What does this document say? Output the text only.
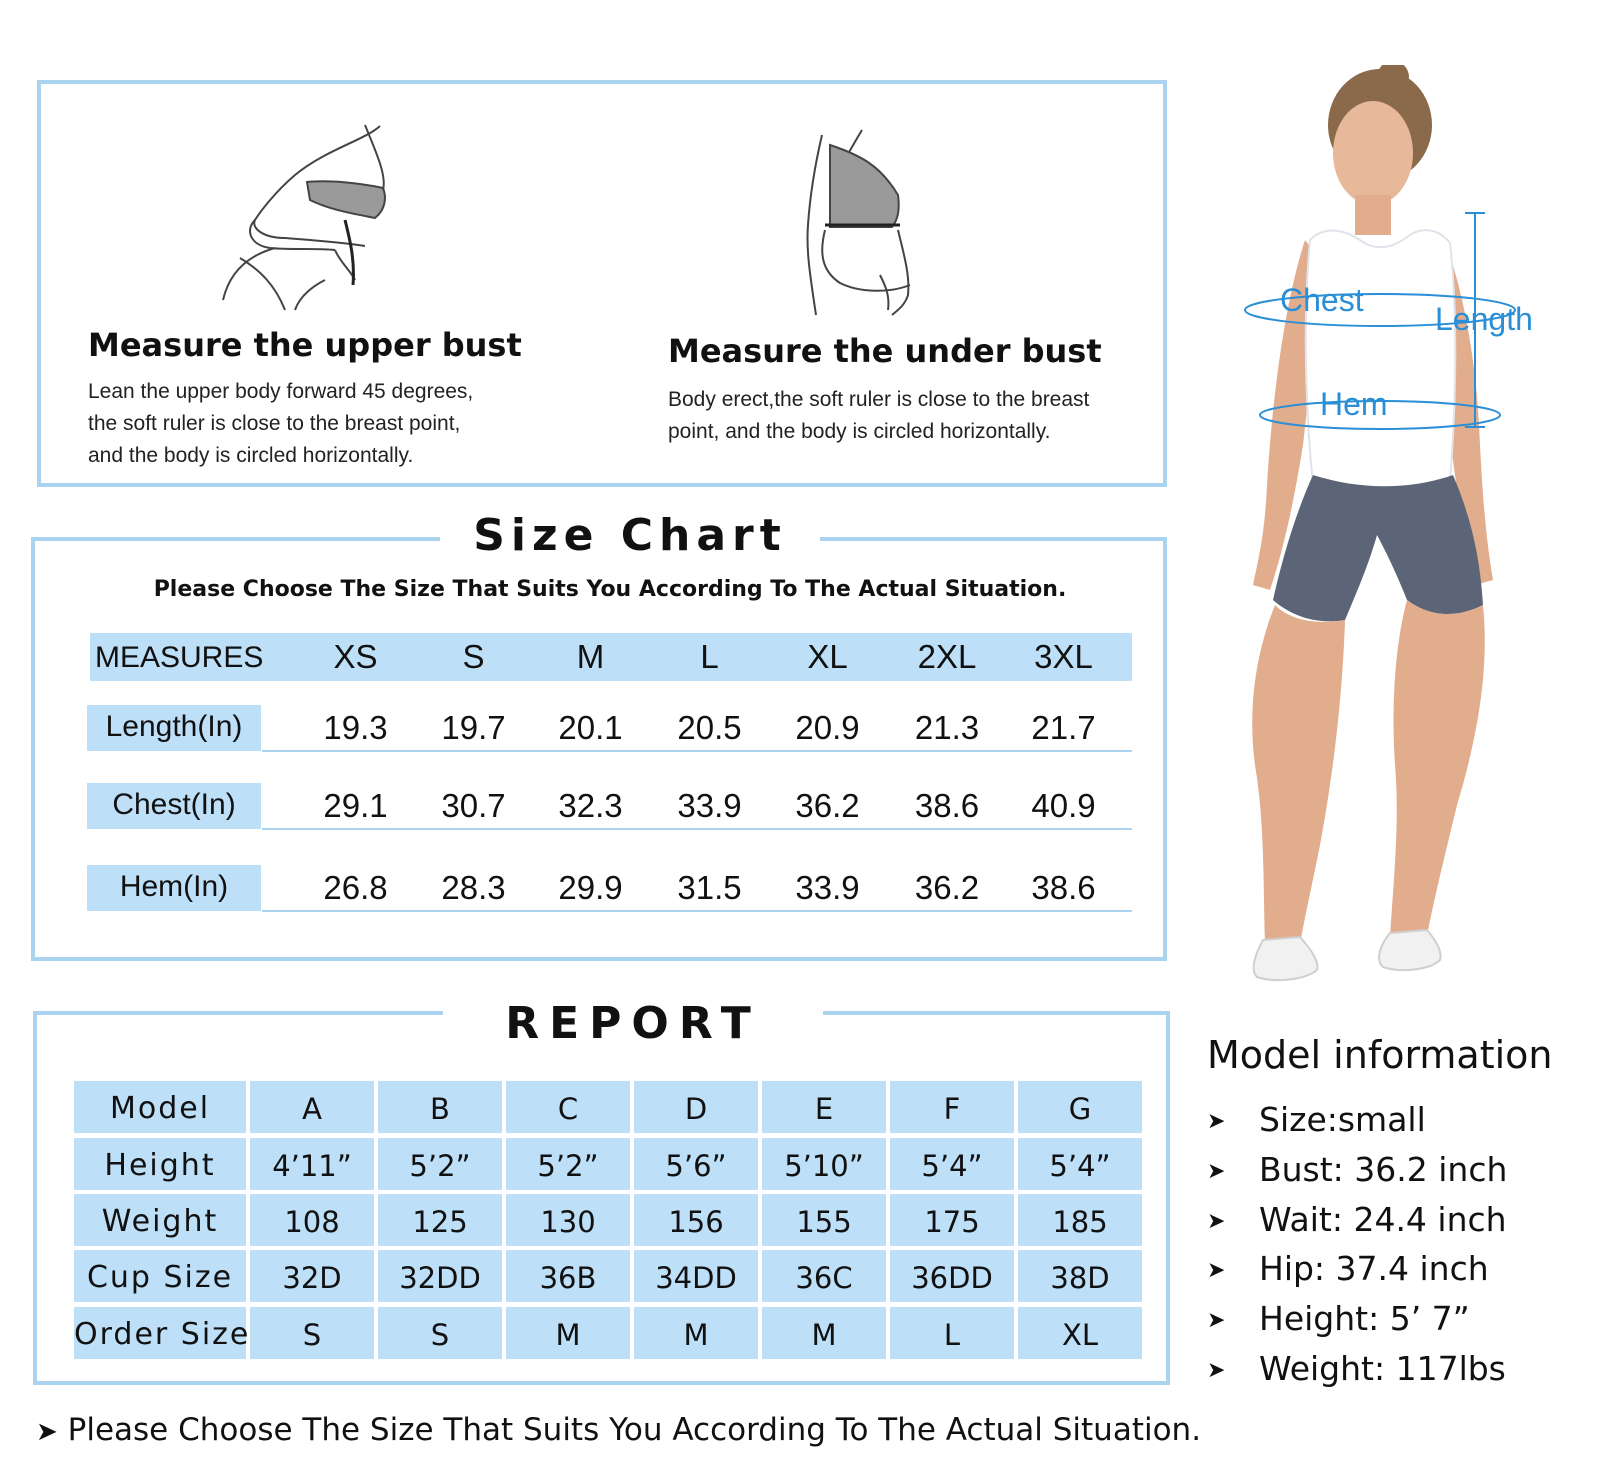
Measure the upper bust
Lean the upper body forward 45 degrees,
the soft ruler is close to the breast point,
and the body is circled horizontally.
Measure the under bust
Body erect,the soft ruler is close to the breast
point, and the body is circled horizontally.
Size Chart
Please Choose The Size That Suits You According To The Actual Situation.
MEASURES	XS	S	M	L	XL	2XL	3XL
Length(In)	19.3	19.7	20.1	20.5	20.9	21.3	21.7
Chest(In)	29.1	30.7	32.3	33.9	36.2	38.6	40.9
Hem(In)	26.8	28.3	29.9	31.5	33.9	36.2	38.6
REPORT
Model	A	B	C	D	E	F	G
Height	4’11”	5’2”	5’2”	5’6”	5’10”	5’4”	5’4”
Weight	108	125	130	156	155	175	185
Cup Size	32D	32DD	36B	34DD	36C	36DD	38D
Order Size	S	S	M	M	M	L	XL
Chest
Length
Hem
Model information
➤ Size:small
➤ Bust: 36.2 inch
➤ Wait: 24.4 inch
➤ Hip: 37.4 inch
➤ Height: 5’ 7”
➤ Weight: 117lbs
➤ Please Choose The Size That Suits You According To The Actual Situation.
